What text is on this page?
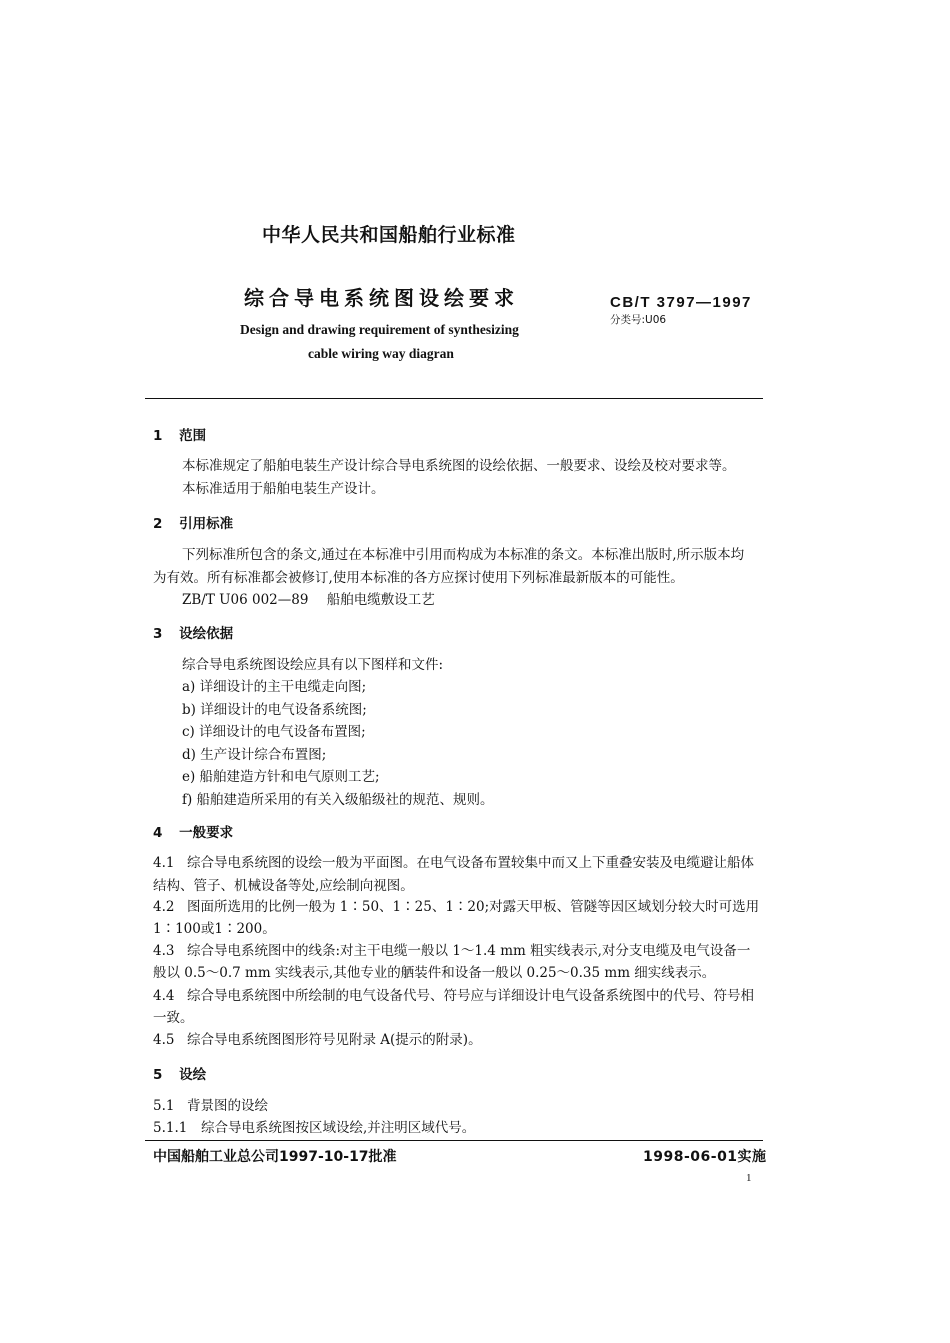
中华人民共和国船舶行业标准
综合导电系统图设绘要求
Design and drawing requirement of synthesizing
cable wiring way diagran
CB/T 3797—1997
分类号:U06
1 范围
本标准规定了船舶电装生产设计综合导电系统图的设绘依据、一般要求、设绘及校对要求等。
本标准适用于船舶电装生产设计。
2 引用标准
下列标准所包含的条文,通过在本标准中引用而构成为本标准的条文。本标准出版时,所示版本均
为有效。所有标准都会被修订,使用本标准的各方应探讨使用下列标准最新版本的可能性。
ZB/T U06 002—89 船舶电缆敷设工艺
3 设绘依据
综合导电系统图设绘应具有以下图样和文件:
a) 详细设计的主干电缆走向图;
b) 详细设计的电气设备系统图;
c) 详细设计的电气设备布置图;
d) 生产设计综合布置图;
e) 船舶建造方针和电气原则工艺;
f) 船舶建造所采用的有关入级船级社的规范、规则。
4 一般要求
4.1 综合导电系统图的设绘一般为平面图。在电气设备布置较集中而又上下重叠安装及电缆避让船体
结构、管子、机械设备等处,应绘制向视图。
4.2 图面所选用的比例一般为 1∶50、1∶25、1∶20;对露天甲板、管隧等因区域划分较大时可选用
1∶100或1∶200。
4.3 综合导电系统图中的线条:对主干电缆一般以 1～1.4 mm 粗实线表示,对分支电缆及电气设备一
般以 0.5～0.7 mm 实线表示,其他专业的舾装件和设备一般以 0.25～0.35 mm 细实线表示。
4.4 综合导电系统图中所绘制的电气设备代号、符号应与详细设计电气设备系统图中的代号、符号相
一致。
4.5 综合导电系统图图形符号见附录 A(提示的附录)。
5 设绘
5.1 背景图的设绘
5.1.1 综合导电系统图按区域设绘,并注明区域代号。
中国船舶工业总公司1997-10-17批准	1998-06-01实施
1
